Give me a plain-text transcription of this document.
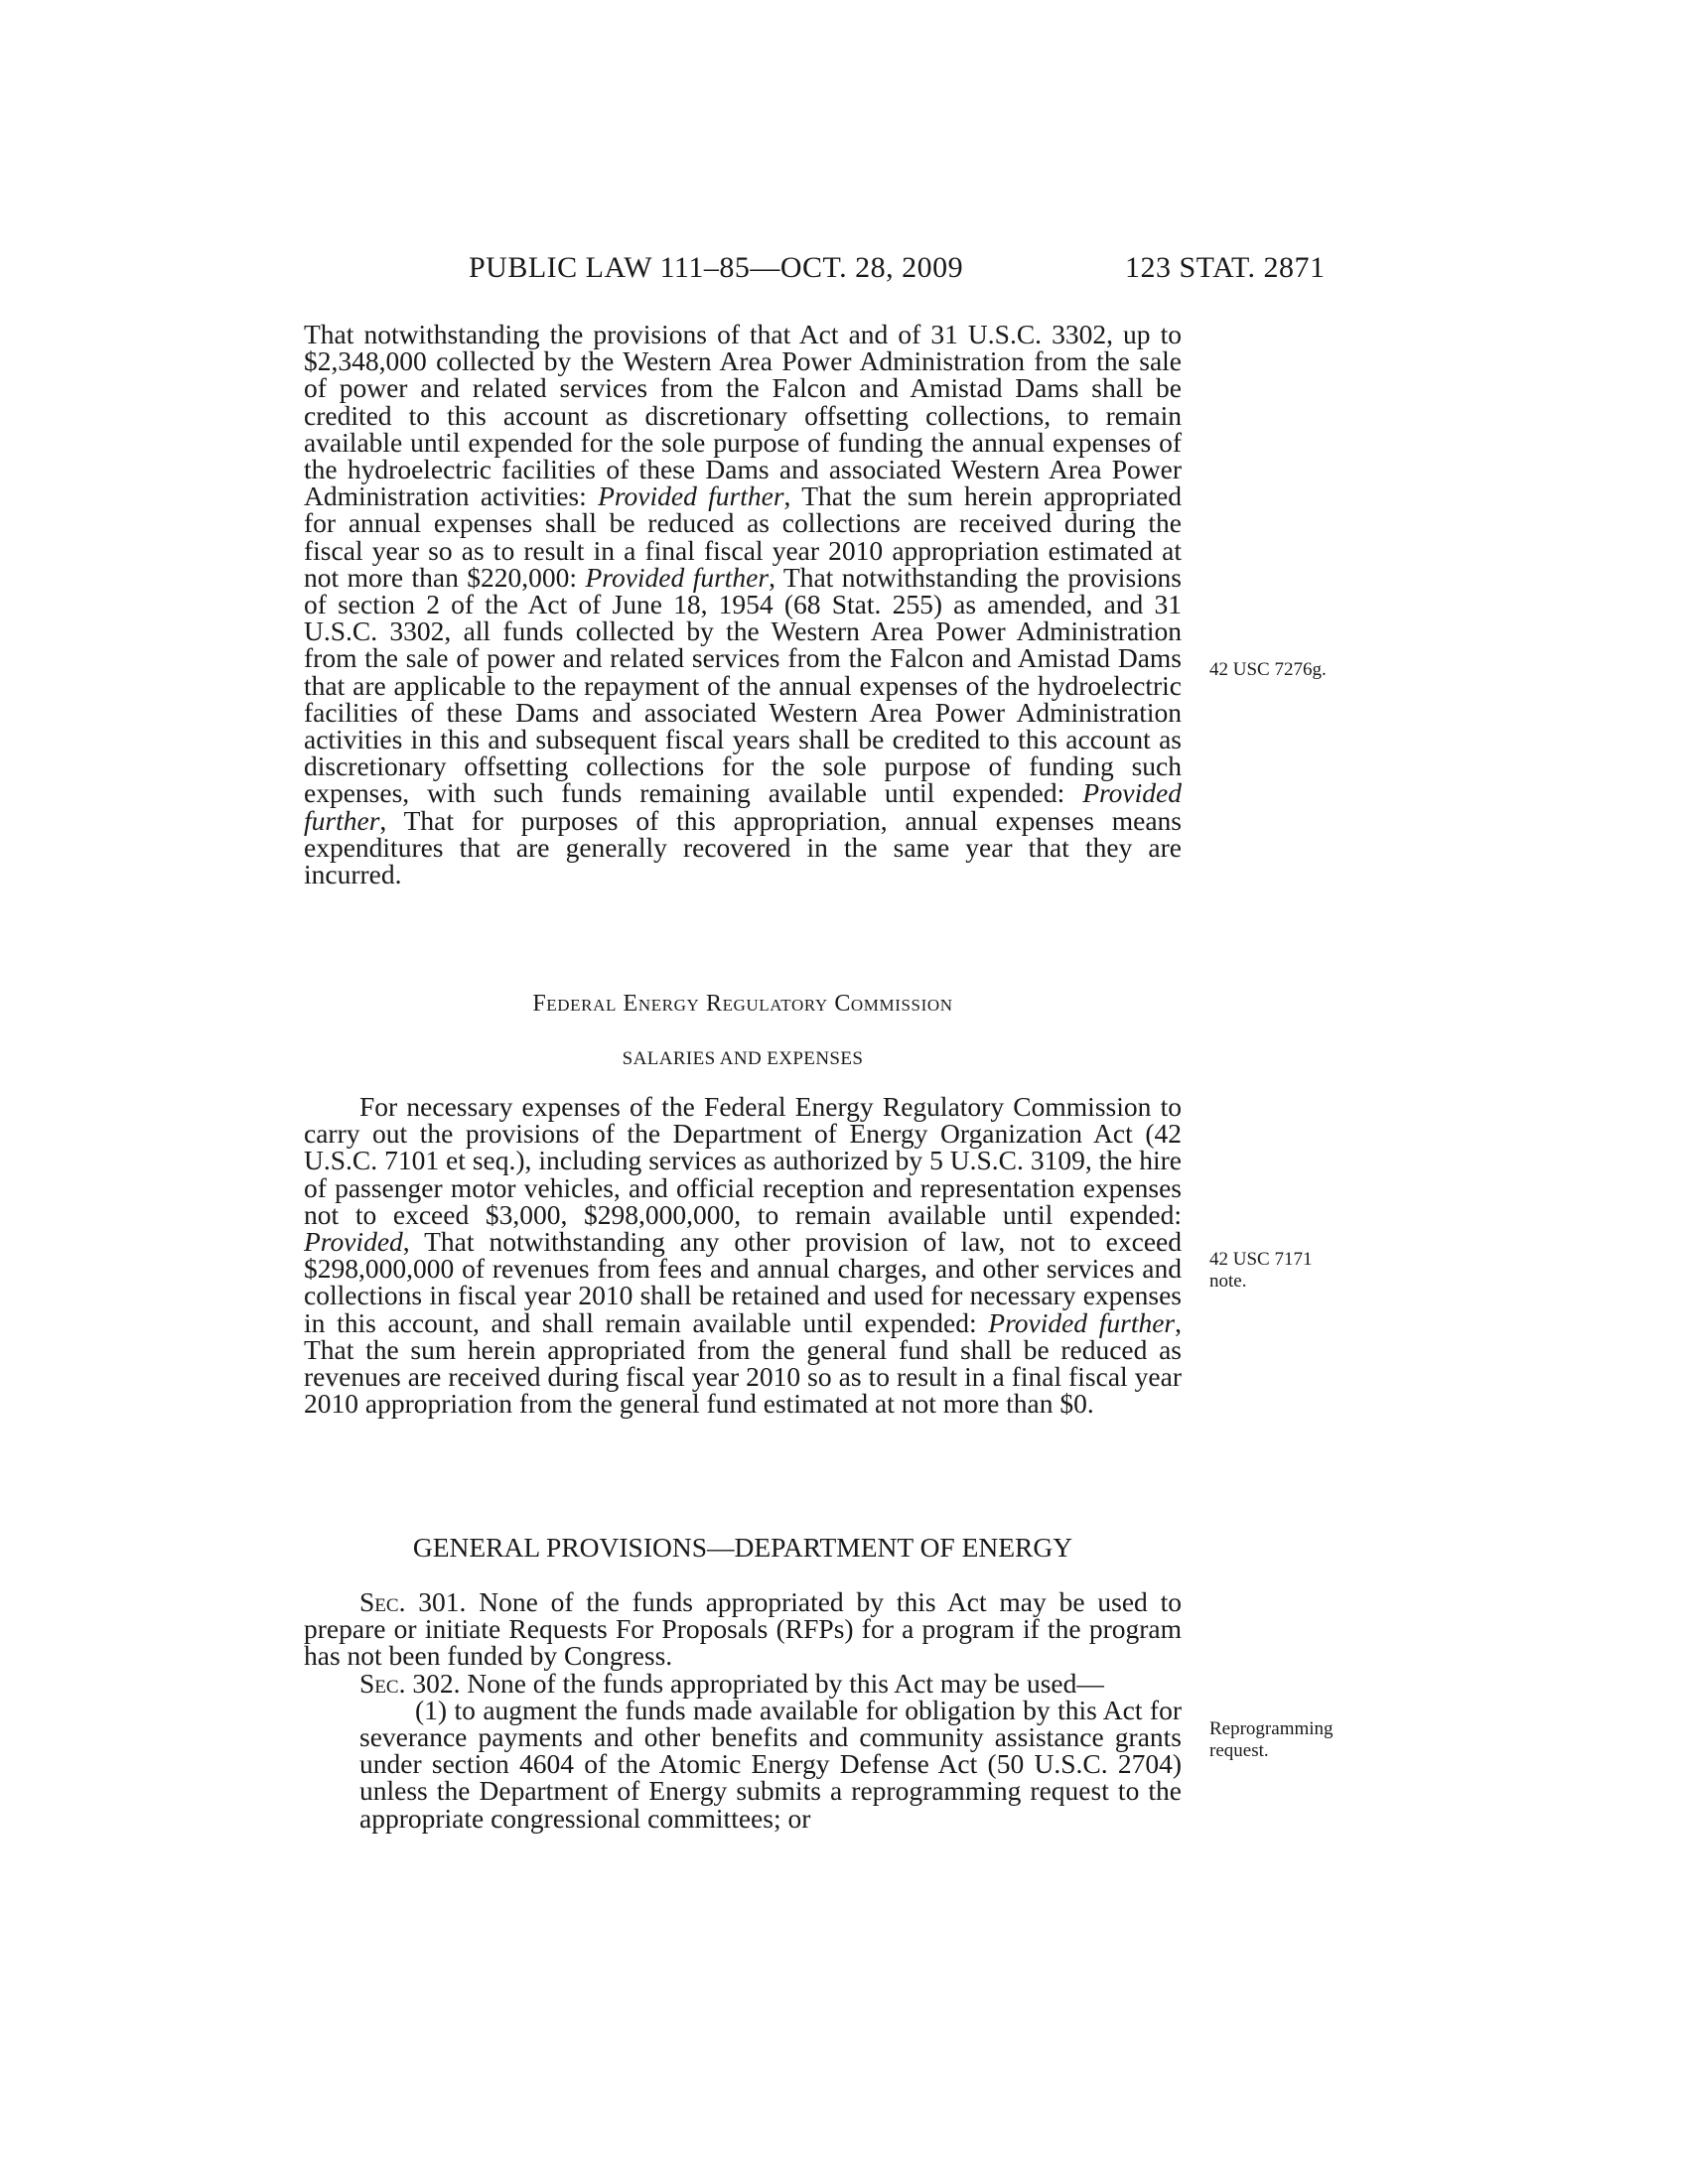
PUBLIC LAW 111–85—OCT. 28, 2009	123 STAT. 2871

That notwithstanding the provisions of that Act and of 31 U.S.C. 3302, up to $2,348,000 collected by the Western Area Power Administration from the sale of power and related services from the Falcon and Amistad Dams shall be credited to this account as discretionary offsetting collections, to remain available until expended for the sole purpose of funding the annual expenses of the hydroelectric facilities of these Dams and associated Western Area Power Administration activities: Provided further, That the sum herein appropriated for annual expenses shall be reduced as collections are received during the fiscal year so as to result in a final fiscal year 2010 appropriation estimated at not more than $220,000: Provided further, That notwithstanding the provisions of section 2 of the Act of June 18, 1954 (68 Stat. 255) as amended, and 31 U.S.C. 3302, all funds collected by the Western Area Power Administration from the sale of power and related services from the Falcon and Amistad Dams that are applicable to the repayment of the annual expenses of the hydroelectric facilities of these Dams and associated Western Area Power Administration activities in this and subsequent fiscal years shall be credited to this account as discretionary offsetting collections for the sole purpose of funding such expenses, with such funds remaining available until expended: Provided further, That for purposes of this appropriation, annual expenses means expenditures that are generally recovered in the same year that they are incurred.

Federal Energy Regulatory Commission

SALARIES AND EXPENSES

For necessary expenses of the Federal Energy Regulatory Commission to carry out the provisions of the Department of Energy Organization Act (42 U.S.C. 7101 et seq.), including services as authorized by 5 U.S.C. 3109, the hire of passenger motor vehicles, and official reception and representation expenses not to exceed $3,000, $298,000,000, to remain available until expended: Provided, That notwithstanding any other provision of law, not to exceed $298,000,000 of revenues from fees and annual charges, and other services and collections in fiscal year 2010 shall be retained and used for necessary expenses in this account, and shall remain available until expended: Provided further, That the sum herein appropriated from the general fund shall be reduced as revenues are received during fiscal year 2010 so as to result in a final fiscal year 2010 appropriation from the general fund estimated at not more than $0.

GENERAL PROVISIONS—DEPARTMENT OF ENERGY

Sec. 301. None of the funds appropriated by this Act may be used to prepare or initiate Requests For Proposals (RFPs) for a program if the program has not been funded by Congress.

Sec. 302. None of the funds appropriated by this Act may be used—

(1) to augment the funds made available for obligation by this Act for severance payments and other benefits and community assistance grants under section 4604 of the Atomic Energy Defense Act (50 U.S.C. 2704) unless the Department of Energy submits a reprogramming request to the appropriate congressional committees; or

42 USC 7276g.
42 USC 7171
note.
Reprogramming
request.
